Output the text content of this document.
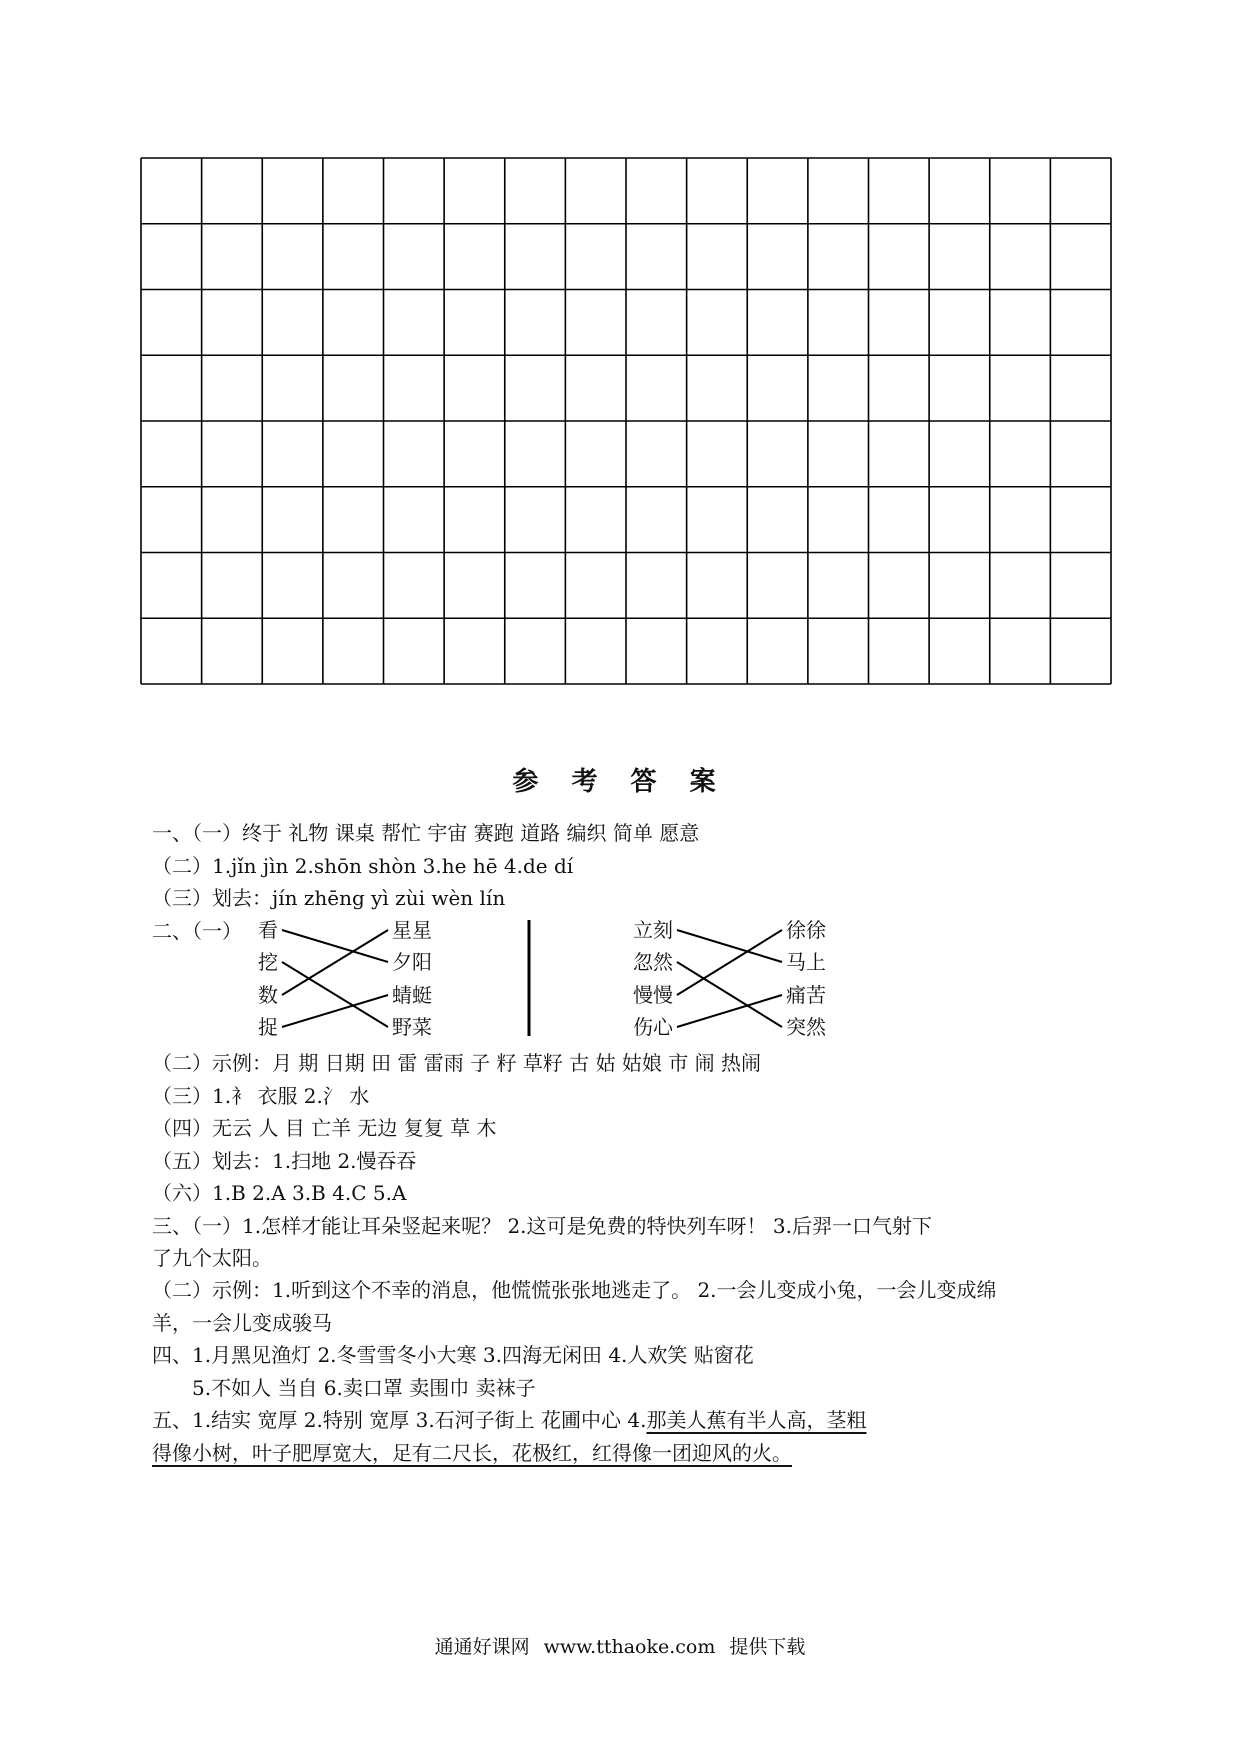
参 考 答 案
一、（一）终于 礼物 课桌 帮忙 宇宙 赛跑 道路 编织 简单 愿意
（二）1.jǐn jìn 2.shōn shòn 3.he hē 4.de dí
（三）划去：jín zhēng yì zùi wèn lín
二、（一） 看
挖
数
捉
星星
夕阳
蜻蜓
野菜
立刻
忽然
慢慢
伤心
徐徐
马上
痛苦
突然
（二）示例：月 期 日期 田 雷 雷雨 子 籽 草籽 古 姑 姑娘 市 闹 热闹
（三）1.衤 衣服 2.氵 水
（四）无云 人 目 亡羊 无边 复复 草 木
（五）划去：1.扫地 2.慢吞吞
（六）1.B 2.A 3.B 4.C 5.A
三、（一）1.怎样才能让耳朵竖起来呢？ 2.这可是免费的特快列车呀！ 3.后羿一口气射下
了九个太阳。
（二）示例：1.听到这个不幸的消息，他慌慌张张地逃走了。 2.一会儿变成小兔，一会儿变成绵
羊，一会儿变成骏马
四、1.月黑见渔灯 2.冬雪雪冬小大寒 3.四海无闲田 4.人欢笑 贴窗花
5.不如人 当自 6.卖口罩 卖围巾 卖袜子
五、1.结实 宽厚 2.特别 宽厚 3.石河子街上 花圃中心 4.那美人蕉有半人高，茎粗
得像小树，叶子肥厚宽大，足有二尺长，花极红，红得像一团迎风的火。
通通好课网 www.tthaoke.com 提供下载
